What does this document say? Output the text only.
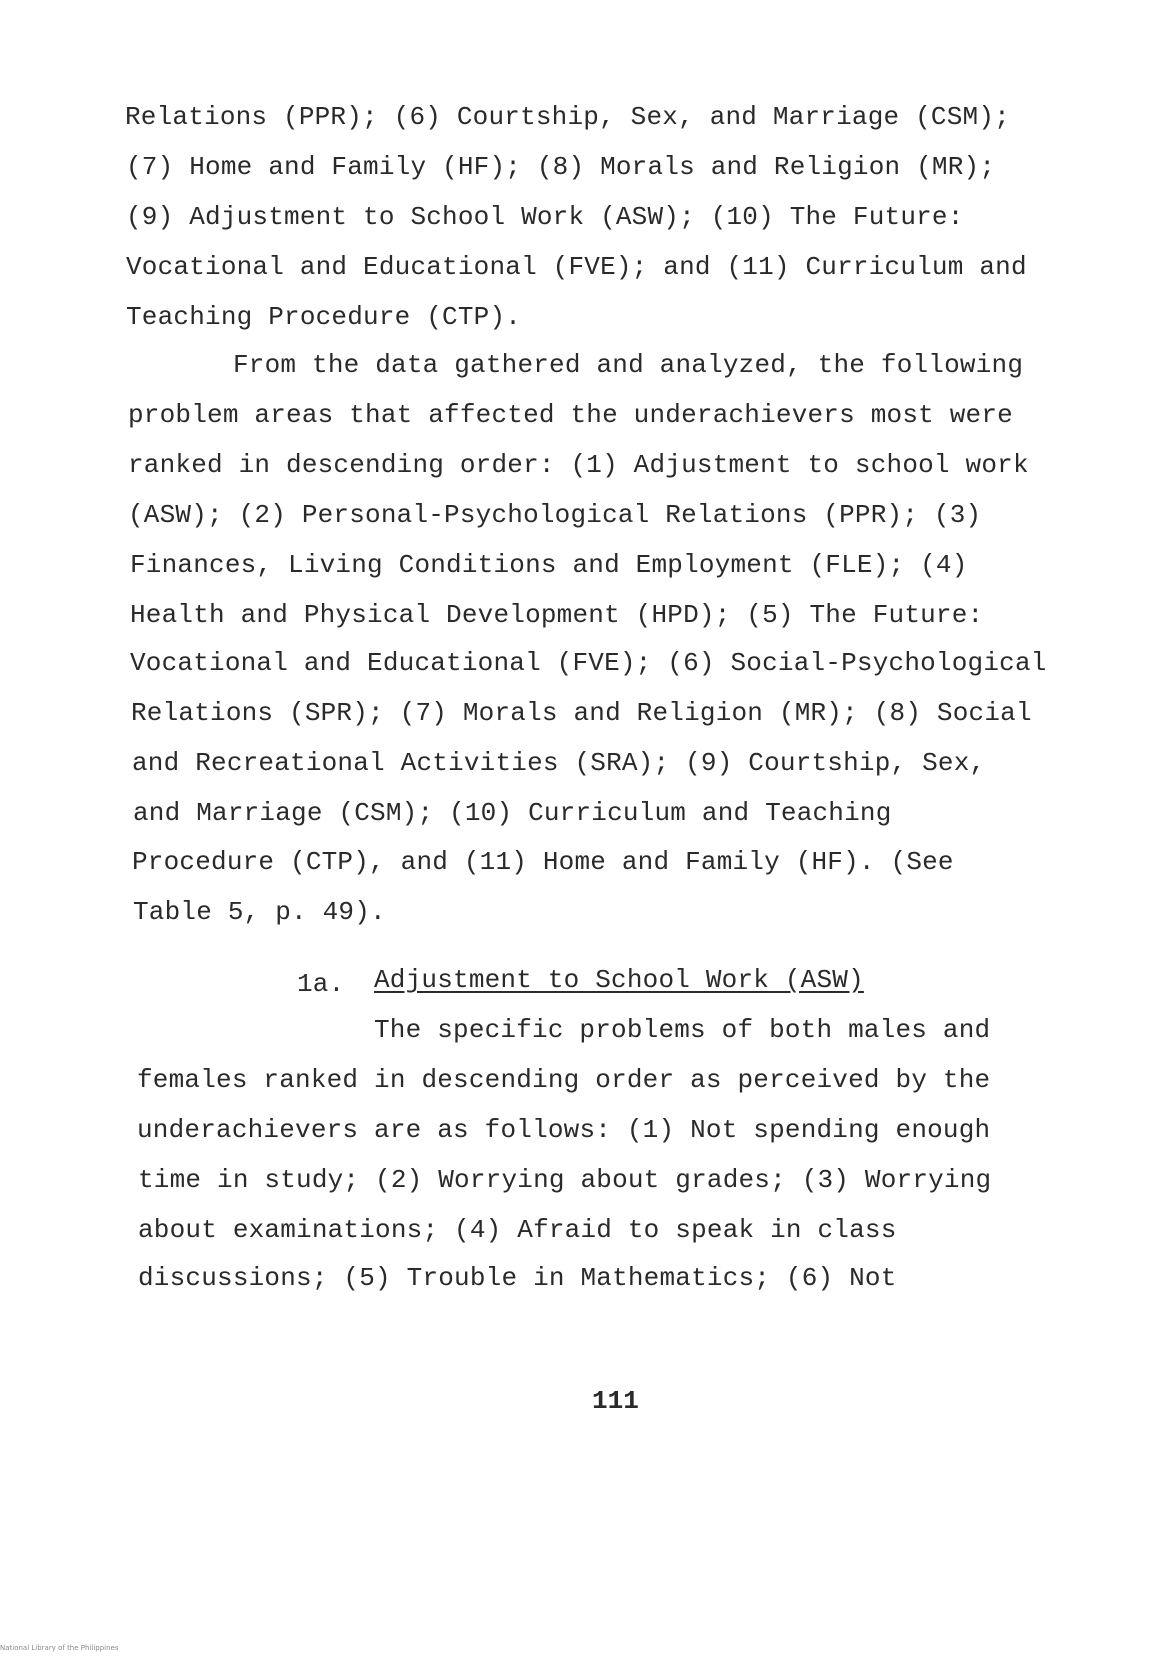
Relations (PPR); (6) Courtship, Sex, and Marriage (CSM);
(7) Home and Family (HF); (8) Morals and Religion (MR);
(9) Adjustment to School Work (ASW); (10) The Future:
Vocational and Educational (FVE); and (11) Curriculum and
Teaching Procedure (CTP).
From the data gathered and analyzed, the following
problem areas that affected the underachievers most were
ranked in descending order: (1) Adjustment to school work
(ASW); (2) Personal-Psychological Relations (PPR); (3)
Finances, Living Conditions and Employment (FLE); (4)
Health and Physical Development (HPD); (5) The Future:
Vocational and Educational (FVE); (6) Social-Psychological
Relations (SPR); (7) Morals and Religion (MR); (8) Social
and Recreational Activities (SRA); (9) Courtship, Sex,
and Marriage (CSM); (10) Curriculum and Teaching
Procedure (CTP), and (11) Home and Family (HF). (See
Table 5, p. 49).
1a. Adjustment to School Work (ASW)
The specific problems of both males and
females ranked in descending order as perceived by the
underachievers are as follows: (1) Not spending enough
time in study; (2) Worrying about grades; (3) Worrying
about examinations; (4) Afraid to speak in class
discussions; (5) Trouble in Mathematics; (6) Not
111
National Library of the Philippines
